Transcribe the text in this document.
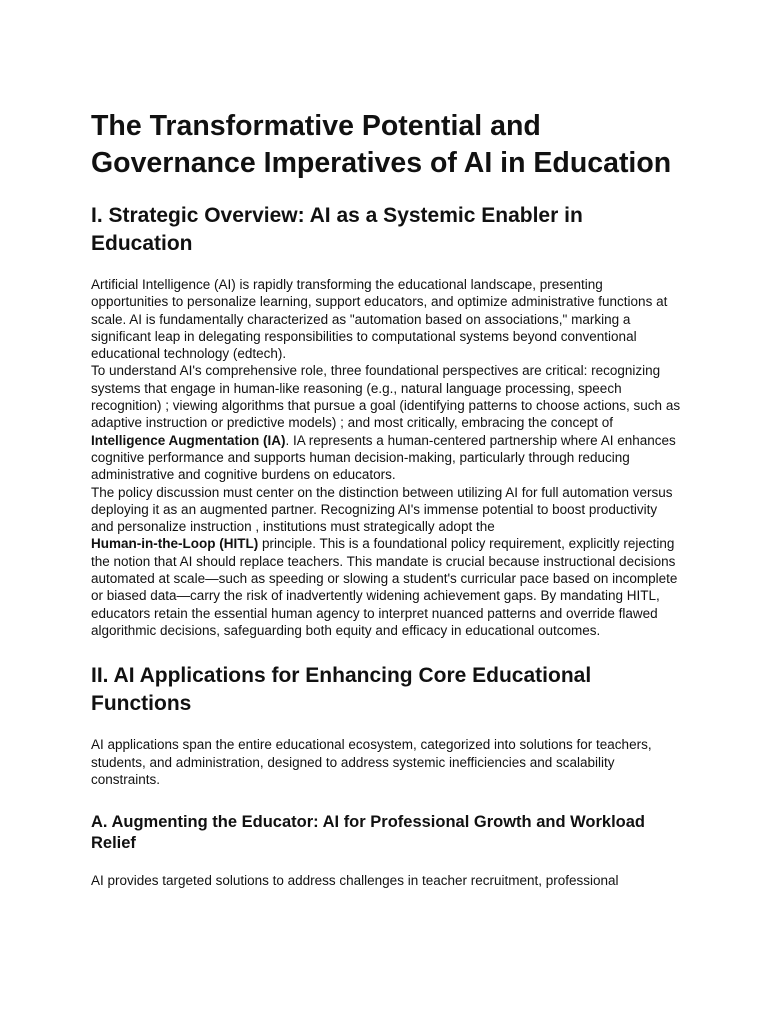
The Transformative Potential and Governance Imperatives of AI in Education
I. Strategic Overview: AI as a Systemic Enabler in Education

Artificial Intelligence (AI) is rapidly transforming the educational landscape, presenting opportunities to personalize learning, support educators, and optimize administrative functions at scale. AI is fundamentally characterized as "automation based on associations," marking a significant leap in delegating responsibilities to computational systems beyond conventional educational technology (edtech).

To understand AI's comprehensive role, three foundational perspectives are critical: recognizing systems that engage in human-like reasoning (e.g., natural language processing, speech recognition) ; viewing algorithms that pursue a goal (identifying patterns to choose actions, such as adaptive instruction or predictive models) ; and most critically, embracing the concept of Intelligence Augmentation (IA). IA represents a human-centered partnership where AI enhances cognitive performance and supports human decision-making, particularly through reducing administrative and cognitive burdens on educators.

The policy discussion must center on the distinction between utilizing AI for full automation versus deploying it as an augmented partner. Recognizing AI's immense potential to boost productivity and personalize instruction , institutions must strategically adopt the
Human-in-the-Loop (HITL) principle. This is a foundational policy requirement, explicitly rejecting the notion that AI should replace teachers. This mandate is crucial because instructional decisions automated at scale—such as speeding or slowing a student's curricular pace based on incomplete or biased data—carry the risk of inadvertently widening achievement gaps. By mandating HITL, educators retain the essential human agency to interpret nuanced patterns and override flawed algorithmic decisions, safeguarding both equity and efficacy in educational outcomes.

II. AI Applications for Enhancing Core Educational Functions

AI applications span the entire educational ecosystem, categorized into solutions for teachers, students, and administration, designed to address systemic inefficiencies and scalability constraints.

A. Augmenting the Educator: AI for Professional Growth and Workload Relief

AI provides targeted solutions to address challenges in teacher recruitment, professional
